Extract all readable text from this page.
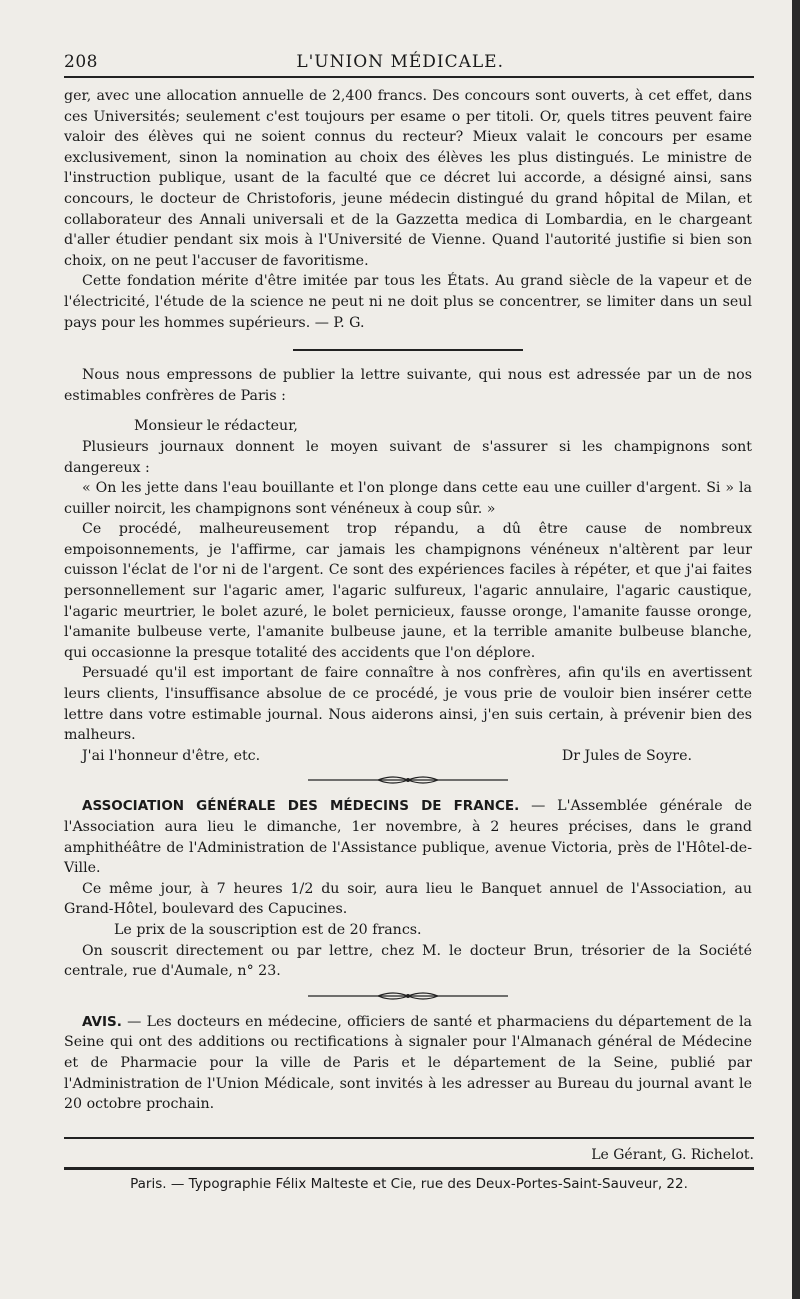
208	L'UNION MÉDICALE.

ger, avec une allocation annuelle de 2,400 francs. Des concours sont ouverts, à cet effet, dans ces Universités; seulement c'est toujours per esame o per titoli. Or, quels titres peuvent faire valoir des élèves qui ne soient connus du recteur? Mieux valait le concours per esame exclusivement, sinon la nomination au choix des élèves les plus distingués. Le ministre de l'instruction publique, usant de la faculté que ce décret lui accorde, a désigné ainsi, sans concours, le docteur de Christoforis, jeune médecin distingué du grand hôpital de Milan, et collaborateur des Annali universali et de la Gazzetta medica di Lombardia, en le chargeant d'aller étudier pendant six mois à l'Université de Vienne. Quand l'autorité justifie si bien son choix, on ne peut l'accuser de favoritisme.

Cette fondation mérite d'être imitée par tous les États. Au grand siècle de la vapeur et de l'électricité, l'étude de la science ne peut ni ne doit plus se concentrer, se limiter dans un seul pays pour les hommes supérieurs. — P. G.

Nous nous empressons de publier la lettre suivante, qui nous est adressée par un de nos estimables confrères de Paris :

Monsieur le rédacteur,

Plusieurs journaux donnent le moyen suivant de s'assurer si les champignons sont dangereux :

« On les jette dans l'eau bouillante et l'on plonge dans cette eau une cuiller d'argent. Si » la cuiller noircit, les champignons sont vénéneux à coup sûr. »

Ce procédé, malheureusement trop répandu, a dû être cause de nombreux empoisonnements, je l'affirme, car jamais les champignons vénéneux n'altèrent par leur cuisson l'éclat de l'or ni de l'argent. Ce sont des expériences faciles à répéter, et que j'ai faites personnellement sur l'agaric amer, l'agaric sulfureux, l'agaric annulaire, l'agaric caustique, l'agaric meurtrier, le bolet azuré, le bolet pernicieux, fausse oronge, l'amanite fausse oronge, l'amanite bulbeuse verte, l'amanite bulbeuse jaune, et la terrible amanite bulbeuse blanche, qui occasionne la presque totalité des accidents que l'on déplore.

Persuadé qu'il est important de faire connaître à nos confrères, afin qu'ils en avertissent leurs clients, l'insuffisance absolue de ce procédé, je vous prie de vouloir bien insérer cette lettre dans votre estimable journal. Nous aiderons ainsi, j'en suis certain, à prévenir bien des malheurs.

J'ai l'honneur d'être, etc.	Dr Jules de Soyre.

ASSOCIATION GÉNÉRALE DES MÉDECINS DE FRANCE. — L'Assemblée générale de l'Association aura lieu le dimanche, 1er novembre, à 2 heures précises, dans le grand amphithéâtre de l'Administration de l'Assistance publique, avenue Victoria, près de l'Hôtel-de-Ville.

Ce même jour, à 7 heures 1/2 du soir, aura lieu le Banquet annuel de l'Association, au Grand-Hôtel, boulevard des Capucines.

Le prix de la souscription est de 20 francs.

On souscrit directement ou par lettre, chez M. le docteur Brun, trésorier de la Société centrale, rue d'Aumale, n° 23.

AVIS. — Les docteurs en médecine, officiers de santé et pharmaciens du département de la Seine qui ont des additions ou rectifications à signaler pour l'Almanach général de Médecine et de Pharmacie pour la ville de Paris et le département de la Seine, publié par l'Administration de l'Union Médicale, sont invités à les adresser au Bureau du journal avant le 20 octobre prochain.

Le Gérant, G. Richelot.
Paris. — Typographie Félix Malteste et Cie, rue des Deux-Portes-Saint-Sauveur, 22.
